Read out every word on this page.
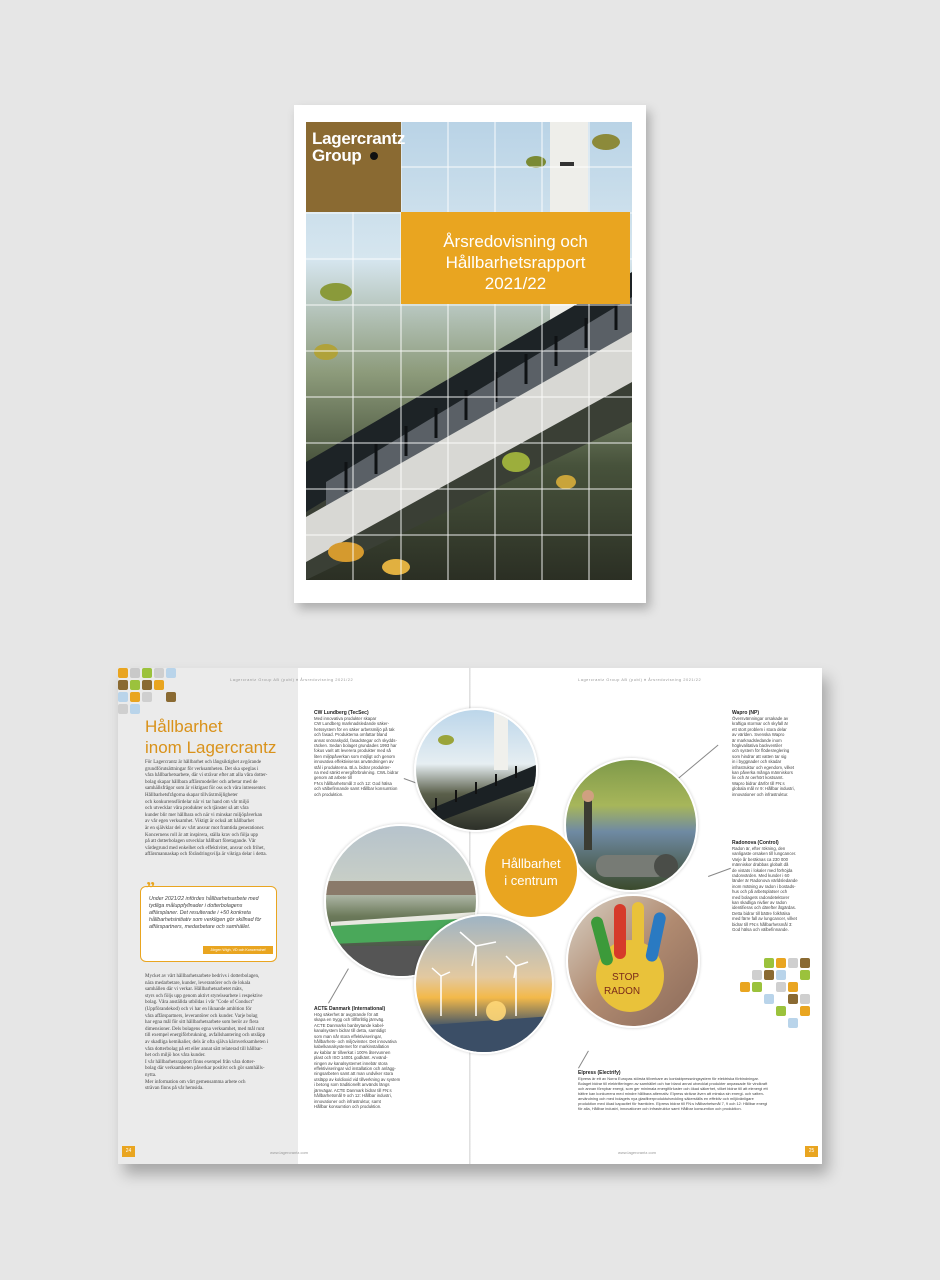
Lagercrantz
Group
Årsredovisning och
Hållbarhetsrapport
2021/22
Lagercrantz Group AB (publ) ♦ Årsredovisning 2021/22	Lagercrantz Group AB (publ) ♦ Årsredovisning 2021/22
Hållbarhet
inom Lagercrantz
För Lagercrantz är hållbarhet och långsiktighet avgörande
grundförutsättningar för verksamheten. Det ska speglas i
våra hållbarhetsarbete, där vi strävar efter att alla våra dotter-
bolag skapar hållbara affärsmodeller och arbetar med de
samhällsfrågor som är viktigast för oss och våra intressenter.
Hållbarhetsfrågorna skapar tillväxtmöjligheter
och konkurrensfördelar när vi tar hand om vår miljö
och utvecklar våra produkter och tjänster så att våra
kunder blir mer hållbara och när vi minskar miljöpåverkan
av vår egen verksamhet. Viktigt är också att hållbarhet
är en självklar del av vårt ansvar mot framtida generationer.
Koncernens roll är att inspirera, ställa krav och följa upp
på att dotterbolagen utvecklar hållbart företagande. Vår
värdegrund med enkelhet och effektivitet, ansvar och frihet,
affärsmannaskap och förändringsvilja är viktiga delar i detta.
”
Under 2021/22 infördes hållbarhetsarbete med tydliga måluppfyllnader i dotterbolagens affärsplaner. Det resulterade i +50 konkreta hållbarhetsinitiativ som verkligen gör skillnad för affärspartners, medarbetare och samhället.
Jörgen Wigh, VD och Koncernchef
Mycket av vårt hållbarhetsarbete bedrivs i dotterbolagen,
nära medarbetare, kunder, leverantörer och de lokala
samhällen där vi verkar. Hållbarhetsarbetet mäts,
styrs och följs upp genom aktivt styrelsearbete i respektive
bolag. Våra anställda utbildas i vår "Code of Conduct"
(Uppförandekod) och vi har en liknande ambition för
våra affärspartners, leverantörer och kunder. Varje bolag
har egna mål för sitt hållbarhetsarbete som berör av flera
dimensioner. Dels bolagens egna verksamhet, med mål runt
till exempel energiförbrukning, avfallshantering och utsläpp
av skadliga kemikalier, dels är ofta själva kärnverksamheten i
våra dotterbolag på ett eller annat sätt relaterad till hållbar-
het och miljö hos våra kunder.
I vår hållbarhetsrapport finns exempel från våra dotter-
bolag där verksamheten påverkar positivt och gör samhälls-
nytta.
Mer information om vårt gemensamma arbete och
strävan finns på vår hemsida.
CW Lundberg (TecSec)
Med innovativa produkter skapar
CW Lundberg marknadsledande säker-
hetssystem för en säker arbetsmiljö på tak
och fasad. Produkterna omfattar bland
annat snöraskydd, fasadstegar och skydds-
räcken. Sedan bolaget grundades 1993 har
fokus varit att leverera produkter med så
liten miljöpåverkan som möjligt och genom
innovativa effektiviseras användningen av
stål i produkterna. Bl.a. bidrar produkter-
na med sänkt energiförbrukning. CWL bidrar genom att arbete till
FN:s hållbarhetsmål 3 och 12: God hälsa
och välbefinnande samt Hållbar konsumtion
och produktion.
Wapro (NP)
Översvämningar orsakade av
kraftiga stormar och skyfall är
ett stort problem i stora delar
av världen. Svenska Wapro
är marknadsledande inom
högkvalitativa backventiler
och system för flödesreglering
som hindrar att vatten tar sig
in i byggnader och skadar
infrastruktur och egendom, vilket
kan påverka många människors
liv och är oerhört kostsamt.
Wapro bidrar därför till FN:s
globala mål nr 9: Hållbar industri,
innovationer och infrastruktur.
Radonova (Control)
Radon är, efter rökning, den
vanligaste orsaken till lungcancer.
Varje år beräknas ca 230 000
människor drabbas globalt då
de vistats i lokaler med förhöjda
radonvärden. Med kunder i 60
länder är Radonova världsledande
inom mätning av radon i bostads-
hus och på arbetsplatser och
med bolagets radondetektorer
kan skadliga nivåer av radon
identifieras och därefter åtgärdas.
Detta bidrar till bättre folkhälsa
med färre fall av lungcancer, vilket
bidrar till FN:s hållbarhetsmål 3:
God hälsa och välbefinnande.
ACTE Danmark (International)
Hög säkerhet är avgörande för att
skapa en trygg och tillförlitlig järnväg.
ACTE Danmarks banbrytande kabel-
kanalsystem bidrar till detta, samtidigt
som man når stora effektiviseringar,
hållbarhets- och miljövinster. Det innovativa
kabelkanalsystemet för markinstallation
av kablar är tillverkat i 100% återvunnen
plast och ISO 14001 godkänt. Använd-
ningen av kanalsystemet innebär stora
effektiviseringar vid installation och anlägg-
ningsarbeten samt att man undviker stora
utsläpp av koldioxid vid tillverkning av system
i betong som traditionellt används längs
järnvägar. ACTE Danmark bidrar till FN:s
hållbarhetsmål 9 och 12: Hållbar industri,
innovationer och infrastruktur, samt
Hållbar konsumtion och produktion.
Elpress (Electrify)
Elpress är ett av Norra Europas största tillverkare av kontaktpressningsystem för elektriska förbindningar.
Bolaget bidrar till elektrifieringen av samhället och har bland annat utvecklat produkter anpassade för vindkraft
och annan förnybar energi, som ger minimala energiförluster och ökad säkerhet, vilket bidrar till att elenergi ett
bättre kan konkurrera med mindre hållbara alternativ. Elpress strävar även att minska sin energi- och vatten-
användning och med bolagets nya glasfiberproduktutveckling säkerställs en effektiv och miljövänligare
produktion med ökad kapacitet för framtiden. Elpress bidrar till FN:s hållbarhetsmål 7, 9 och 12: Hållbar energi
för alla, Hållbar industri, innovationer och infrastruktur samt Hållbar konsumtion och produktion.
STOP
RADON
Hållbarhet
i centrum
24	25
www.lagercrantz.com	www.lagercrantz.com
